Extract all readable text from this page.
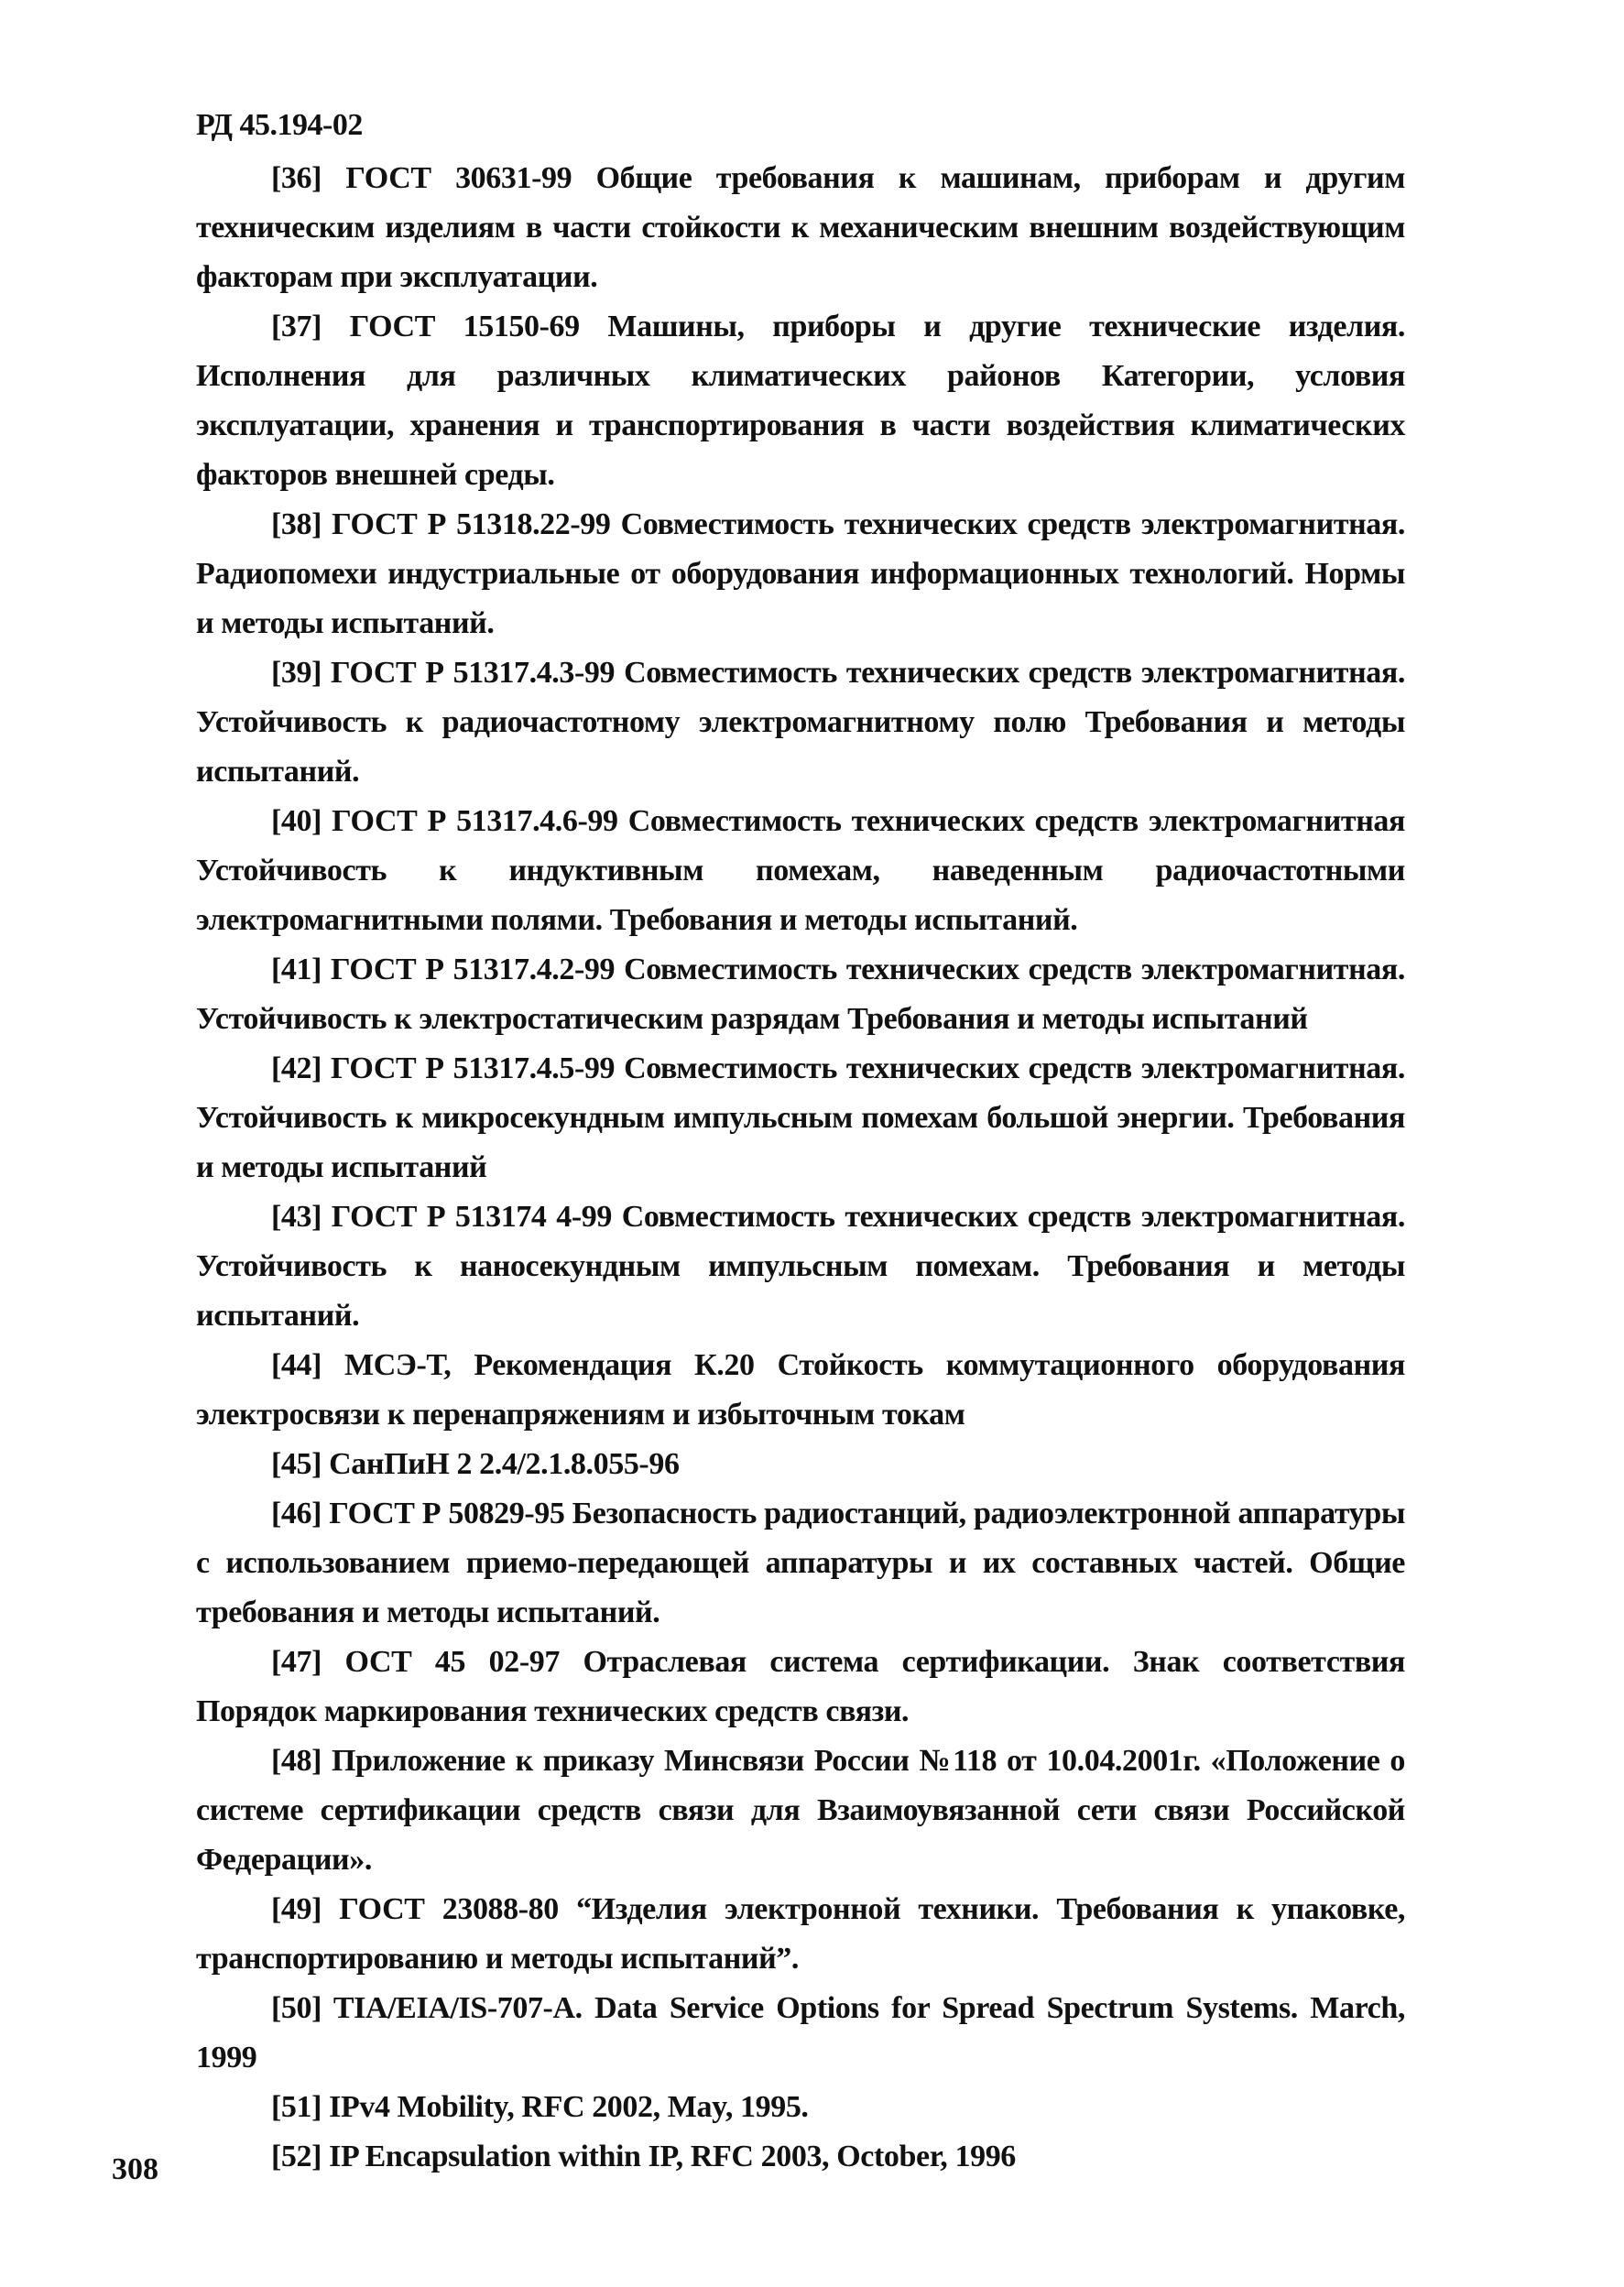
РД 45.194-02

[36] ГОСТ 30631-99 Общие требования к машинам, приборам и другим техническим изделиям в части стойкости к механическим внешним воздействующим факторам при эксплуатации.

[37] ГОСТ 15150-69 Машины, приборы и другие технические изделия. Исполнения для различных климатических районов Категории, условия эксплуатации, хранения и транспортирования в части воздействия климатических факторов внешней среды.

[38] ГОСТ Р 51318.22-99 Совместимость технических средств электромагнитная. Радиопомехи индустриальные от оборудования информационных технологий. Нормы и методы испытаний.

[39] ГОСТ Р 51317.4.3-99 Совместимость технических средств электромагнитная. Устойчивость к радиочастотному электромагнитному полю Требования и методы испытаний.

[40] ГОСТ Р 51317.4.6-99 Совместимость технических средств электромагнитная Устойчивость к индуктивным помехам, наведенным радиочастотными электромагнитными полями. Требования и методы испытаний.

[41] ГОСТ Р 51317.4.2-99 Совместимость технических средств электромагнитная. Устойчивость к электростатическим разрядам Требования и методы испытаний

[42] ГОСТ Р 51317.4.5-99 Совместимость технических средств электромагнитная. Устойчивость к микросекундным импульсным помехам большой энергии. Требования и методы испытаний

[43] ГОСТ Р 513174 4-99 Совместимость технических средств электромагнитная. Устойчивость к наносекундным импульсным помехам. Требования и методы испытаний.

[44] МСЭ-Т, Рекомендация К.20 Стойкость коммутационного оборудования электросвязи к перенапряжениям и избыточным токам

[45] СанПиН 2 2.4/2.1.8.055-96

[46] ГОСТ Р 50829-95 Безопасность радиостанций, радиоэлектронной аппаратуры с использованием приемо-передающей аппаратуры и их составных частей. Общие требования и методы испытаний.

[47] ОСТ 45 02-97 Отраслевая система сертификации. Знак соответствия Порядок маркирования технических средств связи.

[48] Приложение к приказу Минсвязи России №118 от 10.04.2001г. «Положение о системе сертификации средств связи для Взаимоувязанной сети связи Российской Федерации».

[49] ГОСТ 23088-80 “Изделия электронной техники. Требования к упаковке, транспортированию и методы испытаний”.

[50] TIA/EIA/IS-707-A. Data Service Options for Spread Spectrum Systems. March, 1999

[51] IPv4 Mobility, RFC 2002, May, 1995.

[52] IP Encapsulation within IP, RFC 2003, October, 1996

308
